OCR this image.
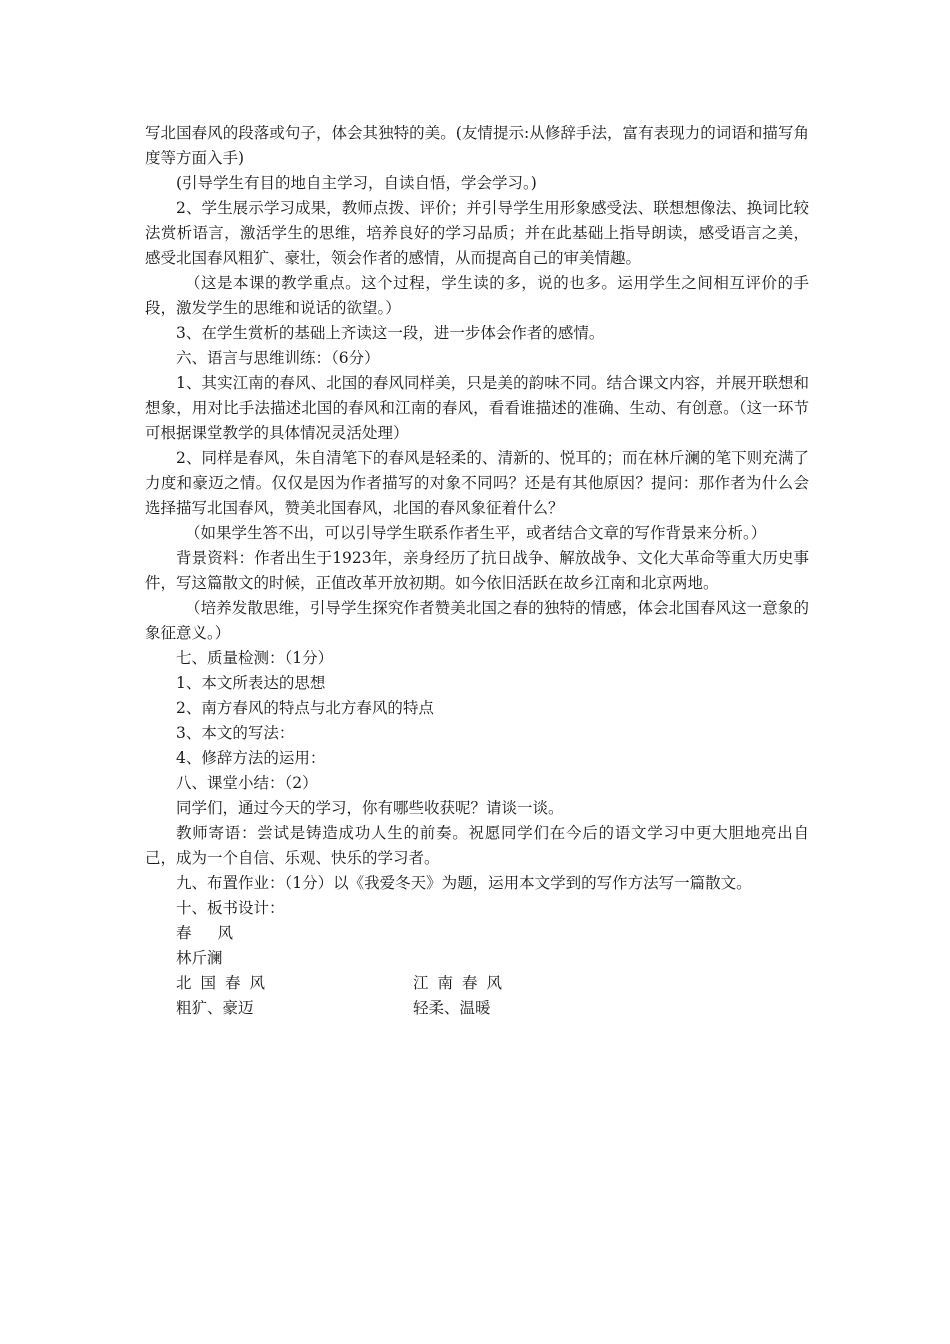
写北国春风的段落或句子，体会其独特的美。(友情提示:从修辞手法，富有表现力的词语和描写角度等方面入手)

(引导学生有目的地自主学习，自读自悟，学会学习。)

2、学生展示学习成果，教师点拨、评价；并引导学生用形象感受法、联想想像法、换词比较法赏析语言，激活学生的思维，培养良好的学习品质；并在此基础上指导朗读，感受语言之美，感受北国春风粗犷、豪壮，领会作者的感情，从而提高自己的审美情趣。

（这是本课的教学重点。这个过程，学生读的多，说的也多。运用学生之间相互评价的手段，激发学生的思维和说话的欲望。）

3、在学生赏析的基础上齐读这一段，进一步体会作者的感情。

六、语言与思维训练：（6分）

1、其实江南的春风、北国的春风同样美，只是美的韵味不同。结合课文内容，并展开联想和想象，用对比手法描述北国的春风和江南的春风，看看谁描述的准确、生动、有创意。（这一环节可根据课堂教学的具体情况灵活处理）

2、同样是春风，朱自清笔下的春风是轻柔的、清新的、悦耳的；而在林斤澜的笔下则充满了力度和豪迈之情。仅仅是因为作者描写的对象不同吗？还是有其他原因？提问：那作者为什么会选择描写北国春风，赞美北国春风，北国的春风象征着什么？

（如果学生答不出，可以引导学生联系作者生平，或者结合文章的写作背景来分析。）

背景资料：作者出生于1923年，亲身经历了抗日战争、解放战争、文化大革命等重大历史事件，写这篇散文的时候，正值改革开放初期。如今依旧活跃在故乡江南和北京两地。

（培养发散思维，引导学生探究作者赞美北国之春的独特的情感，体会北国春风这一意象的象征意义。）

七、质量检测：（1分）

1、本文所表达的思想

2、南方春风的特点与北方春风的特点

3、本文的写法：

4、修辞方法的运用：

八、课堂小结：（2）

同学们，通过今天的学习，你有哪些收获呢？请谈一谈。

教师寄语：尝试是铸造成功人生的前奏。祝愿同学们在今后的语文学习中更大胆地亮出自己，成为一个自信、乐观、快乐的学习者。

九、布置作业：（1分）以《我爱冬天》为题，运用本文学到的写作方法写一篇散文。

十、板书设计：

春风
林斤澜
北国春风	江南春风
粗犷、豪迈	轻柔、温暖
